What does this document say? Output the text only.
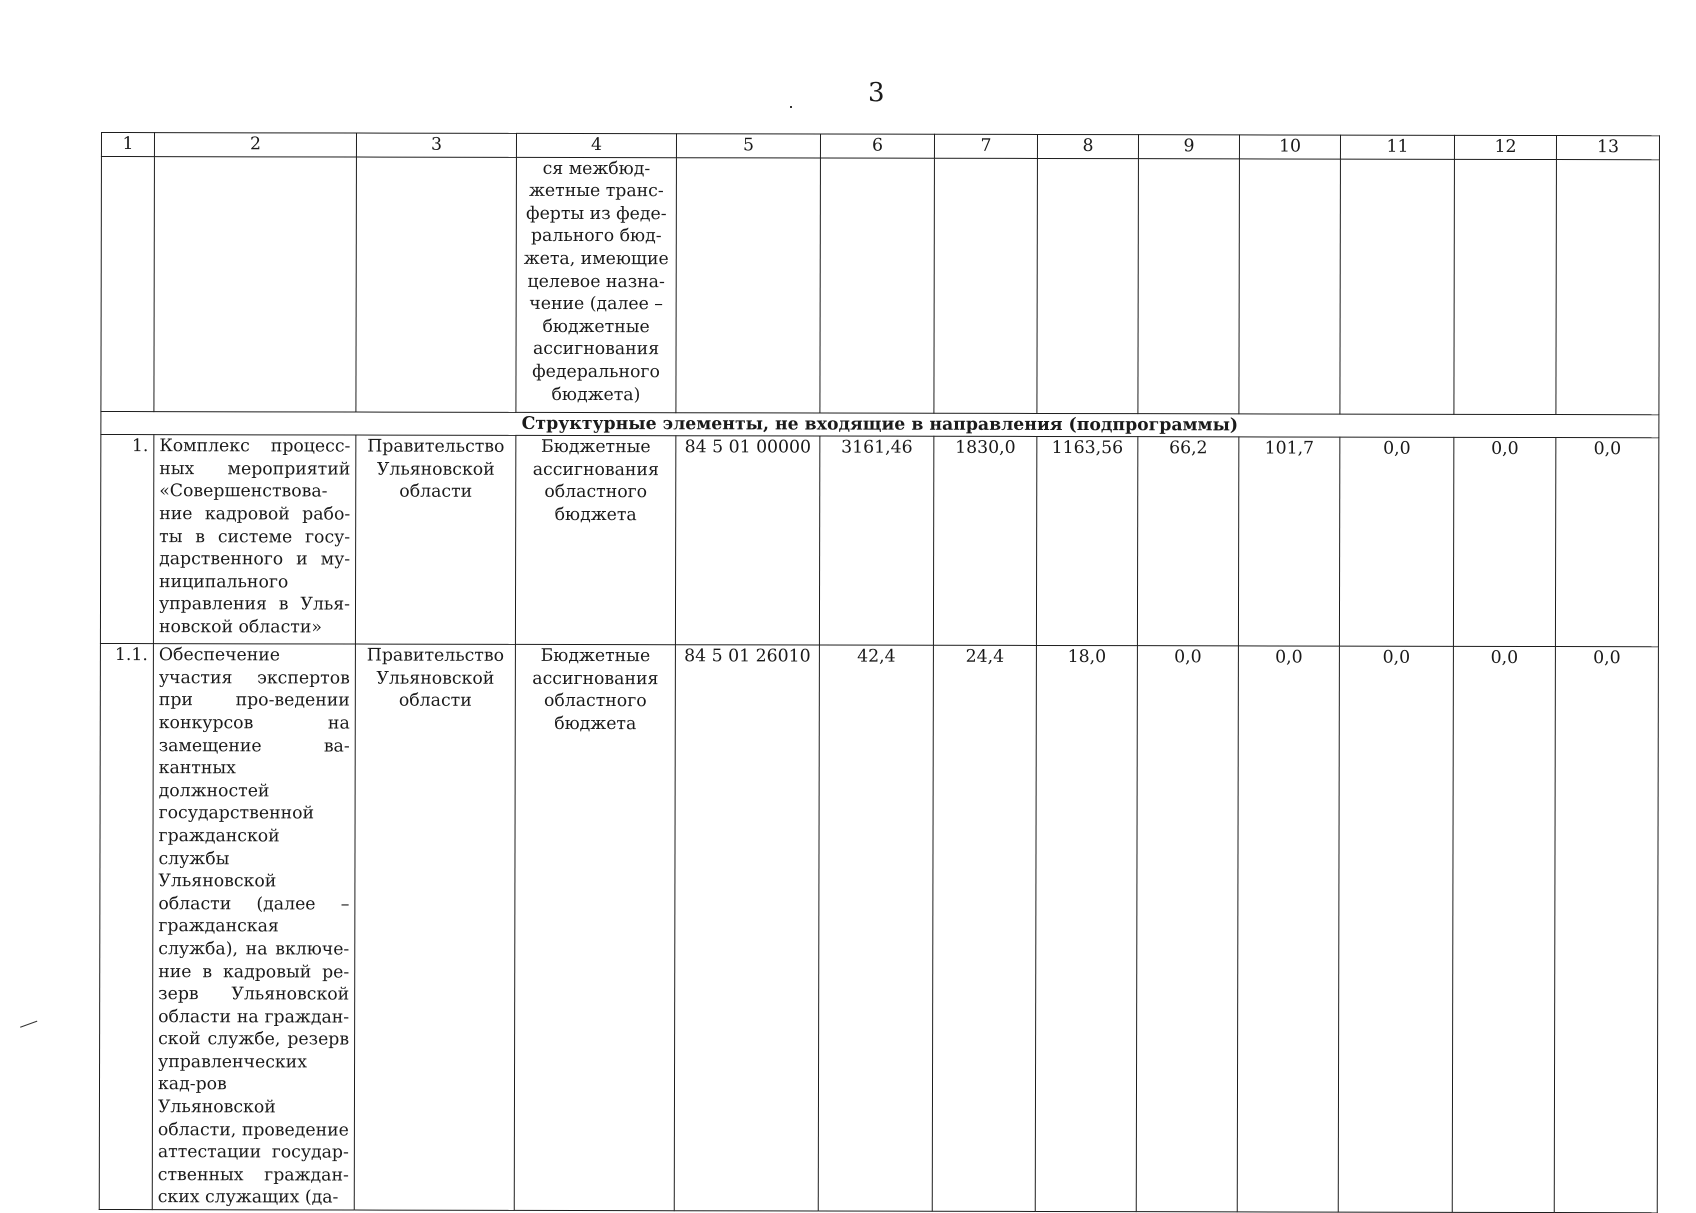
3
1	2	3	4	5	6	7	8	9	10	11	12	13
			ся межбюд-жетные транс-ферты из феде-рального бюд-жета, имеющие целевое назна-чение (далее – бюджетные ассигнования федерального бюджета)									
Структурные элементы, не входящие в направления (подпрограммы)												
1.	Комплекс процесс-ных мероприятий «Совершенствова-ние кадровой рабо-ты в системе госу-дарственного и му-ниципального управления в Улья-новской области»	Правительство Ульяновской области	Бюджетные ассигнования областного бюджета	84 5 01 00000	3161,46	1830,0	1163,56	66,2	101,7	0,0	0,0	0,0
1.1.	Обеспечение участия экспертов при про-ведении конкурсов на замещение ва-кантных должностей государственной гражданской службы Ульяновской области (далее – гражданская служба), на включе-ние в кадровый ре-зерв Ульяновской области на граждан-ской службе, резерв управленческих кад-ров Ульяновской области, проведение аттестации государ-ственных граждан-ских служащих (да-	Правительство Ульяновской области	Бюджетные ассигнования областного бюджета	84 5 01 26010	42,4	24,4	18,0	0,0	0,0	0,0	0,0	0,0
